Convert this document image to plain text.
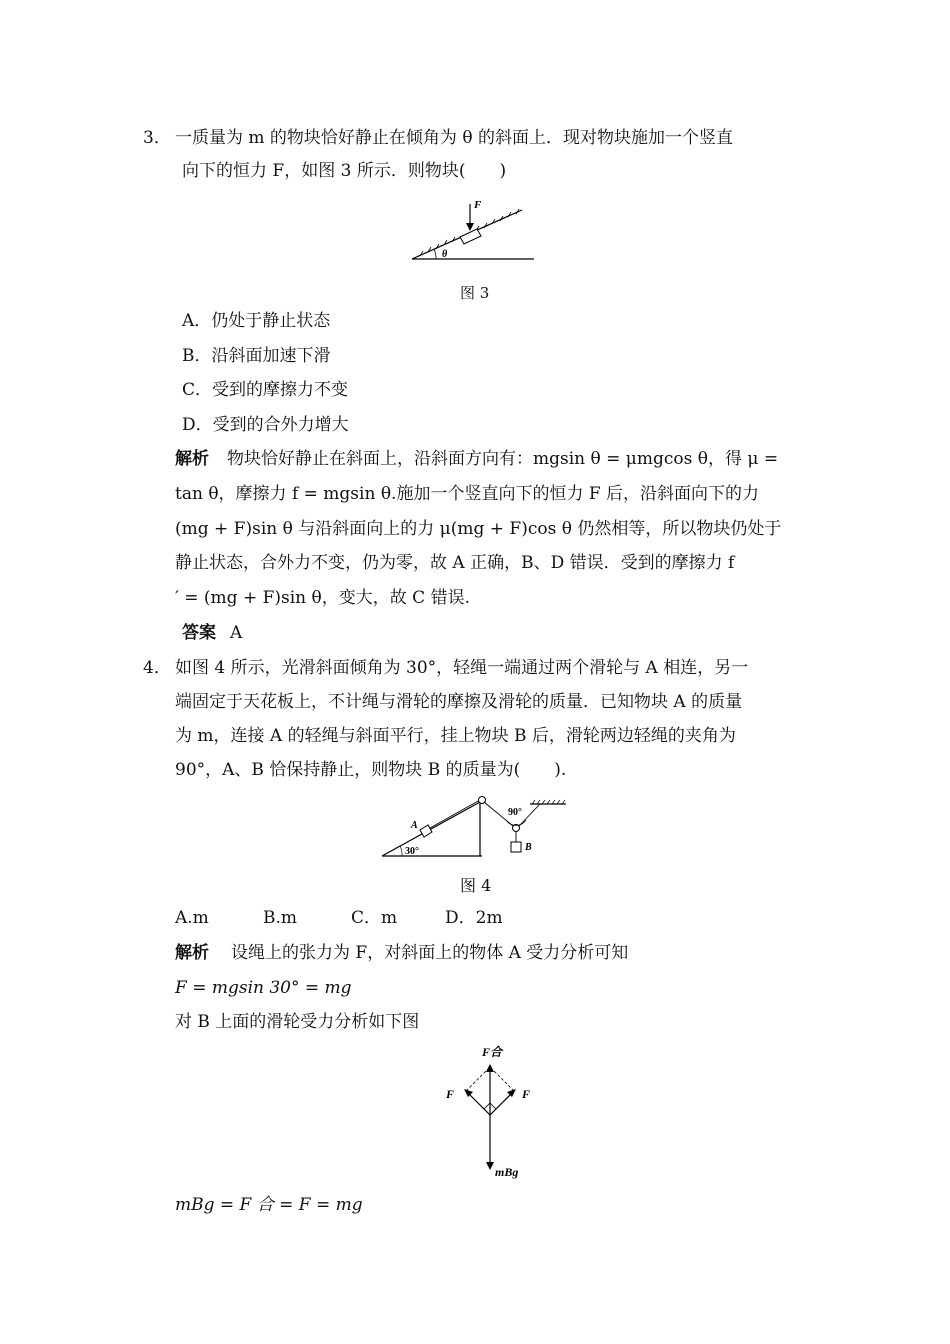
3． 一质量为 m 的物块恰好静止在倾角为 θ 的斜面上．现对物块施加一个竖直
向下的恒力 F，如图 3 所示．则物块(　　)
F
θ
图 3
A．仍处于静止状态
B．沿斜面加速下滑
C．受到的摩擦力不变
D．受到的合外力增大
解析 物块恰好静止在斜面上，沿斜面方向有：mgsin θ = μmgcos θ，得 μ =
tan θ，摩擦力 f = mgsin θ.施加一个竖直向下的恒力 F 后，沿斜面向下的力
(mg + F)sin θ 与沿斜面向上的力 μ(mg + F)cos θ 仍然相等，所以物块仍处于
静止状态，合外力不变，仍为零，故 A 正确，B、D 错误．受到的摩擦力 f
′ = (mg + F)sin θ，变大，故 C 错误.
答案 A
4． 如图 4 所示，光滑斜面倾角为 30°，轻绳一端通过两个滑轮与 A 相连，另一
端固定于天花板上，不计绳与滑轮的摩擦及滑轮的质量．已知物块 A 的质量
为 m，连接 A 的轻绳与斜面平行，挂上物块 B 后，滑轮两边轻绳的夹角为
90°，A、B 恰保持静止，则物块 B 的质量为(　　).
A
90°
B
30°
图 4
A.m	B.m	C．m	D．2m
解析 设绳上的张力为 F，对斜面上的物体 A 受力分析可知
F = mgsin 30° = mg
对 B 上面的滑轮受力分析如下图
F合
F	F
mBg
mBg = F 合 = F = mg
